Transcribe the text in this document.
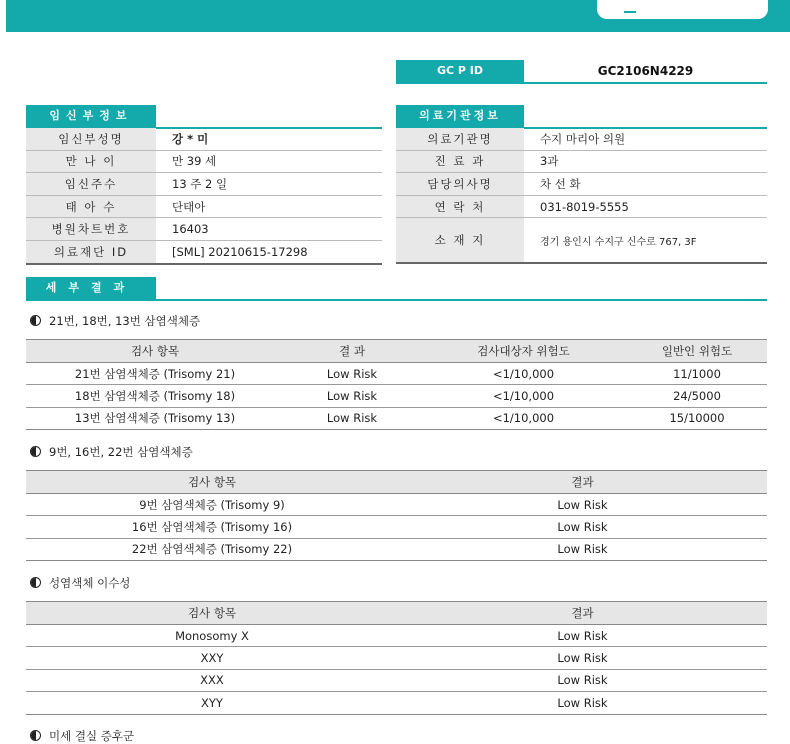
GC P ID	GC2106N4229
임신부정보
임신부성명	강 * 미
만 나 이	만 39 세
임신주수	13 주 2 일
태 아 수	단태아
병원차트번호	16403
의료재단 ID	[SML] 20210615-17298
의료기관정보
의료기관명	수지 마리아 의원
진 료 과	3과
담당의사명	차 선 화
연 락 처	031-8019-5555
소 재 지	경기 용인시 수지구 신수로 767, 3F
세부결과
21번, 18번, 13번 삼염색체증
검사 항목	결 과	검사대상자 위험도	일반인 위험도
21번 삼염색체증 (Trisomy 21)	Low Risk	<1/10,000	11/1000
18번 삼염색체증 (Trisomy 18)	Low Risk	<1/10,000	24/5000
13번 삼염색체증 (Trisomy 13)	Low Risk	<1/10,000	15/10000
9번, 16번, 22번 삼염색체증
검사 항목	결과
9번 삼염색체증 (Trisomy 9)	Low Risk
16번 삼염색체증 (Trisomy 16)	Low Risk
22번 삼염색체증 (Trisomy 22)	Low Risk
성염색체 이수성
검사 항목	결과
Monosomy X	Low Risk
XXY	Low Risk
XXX	Low Risk
XYY	Low Risk
미세 결실 증후군
